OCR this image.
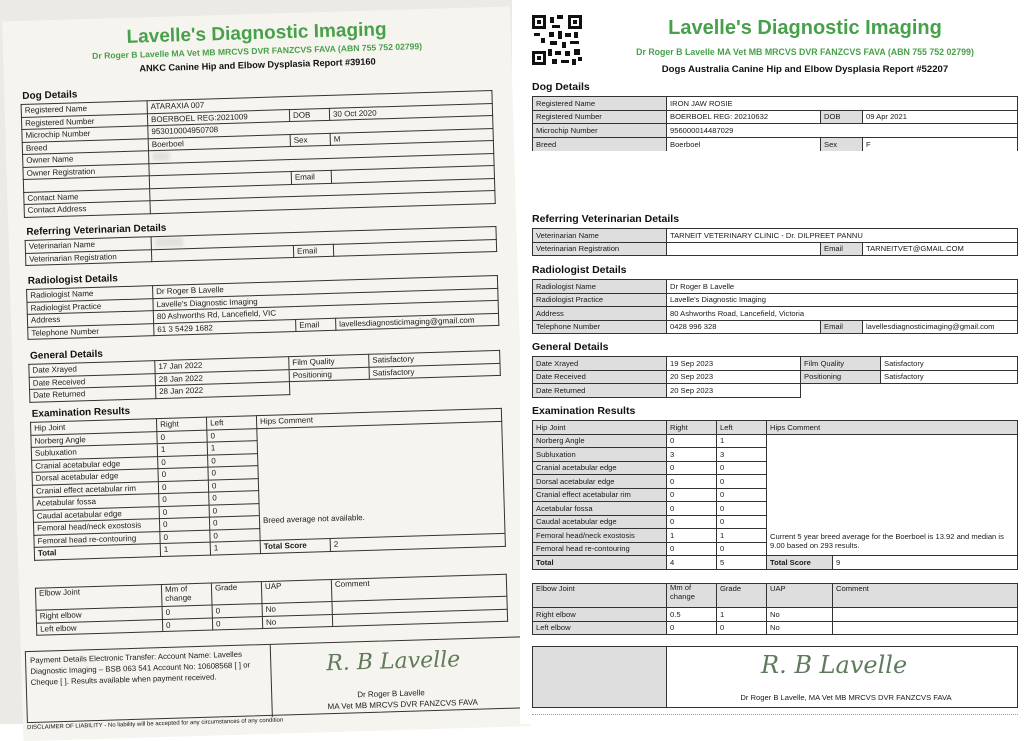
Lavelle's Diagnostic Imaging
Dr Roger B Lavelle MA Vet MB MRCVS DVR FANZCVS FAVA (ABN 755 752 02799)
ANKC Canine Hip and Elbow Dysplasia Report #39160
Dog Details
Registered Name	ATARAXIA 007		
Registered Number	BOERBOEL REG:2021009	DOB	30 Oct 2020
Microchip Number	953010004950708		
Breed	Boerboel	Sex	M
Owner Name	░░░		
Owner Registration			
		Email	
Contact Name			
Contact Address			
Referring Veterinarian Details
Veterinarian Name	░░░░░		
Veterinarian Registration		Email	
Radiologist Details
Radiologist Name	Dr Roger B Lavelle		
Radiologist Practice	Lavelle's Diagnostic Imaging		
Address	80 Ashworths Rd, Lancefield, VIC		
Telephone Number	61 3 5429 1682	Email	lavellesdiagnosticimaging@gmail.com
General Details
Date Xrayed	17 Jan 2022	Film Quality	Satisfactory
Date Received	28 Jan 2022	Positioning	Satisfactory
Date Returned	28 Jan 2022		
Examination Results
Hip Joint	Right	Left	Hips Comment	
Norberg Angle	0	0		
Subluxation	1	1		
Cranial acetabular edge	0	0		
Dorsal acetabular edge	0	0		
Cranial effect acetabular rim	0	0		
Acetabular fossa	0	0		
Caudal acetabular edge	0	0		
Femoral head/neck exostosis	0	0	Breed average not available.	
Femoral head re-contouring	0	0		
Total	1	1	Total Score	2
Elbow Joint	Mm of change	Grade	UAP	Comment
Right elbow	0	0	No	
Left elbow	0	0	No	
Payment Details Electronic Transfer: Account Name: Lavelles Diagnostic Imaging – BSB 063 541 Account No: 10608568 [ ] or Cheque [ ]. Results available when payment received.
R. B Lavelle
Dr Roger B Lavelle
MA Vet MB MRCVS DVR FANZCVS FAVA
DISCLAIMER OF LIABILITY - No liability will be accepted for any circumstances of any condition
Lavelle's Diagnostic Imaging
Dr Roger B Lavelle MA Vet MB MRCVS DVR FANZCVS FAVA (ABN 755 752 02799)
Dogs Australia Canine Hip and Elbow Dysplasia Report #52207
Dog Details
Registered Name	IRON JAW ROSIE		
Registered Number	BOERBOEL REG: 20210632	DOB	09 Apr 2021
Microchip Number	956000014487029		
Breed	Boerboel	Sex	F
Referring Veterinarian Details
Veterinarian Name	TARNEIT VETERINARY CLINIC - Dr. DILPREET PANNU		
Veterinarian Registration		Email	TARNEITVET@GMAIL.COM
Radiologist Details
Radiologist Name	Dr Roger B Lavelle		
Radiologist Practice	Lavelle's Diagnostic Imaging		
Address	80 Ashworths Road, Lancefield, Victoria		
Telephone Number	0428 996 328	Email	lavellesdiagnosticimaging@gmail.com
General Details
Date Xrayed	19 Sep 2023	Film Quality	Satisfactory
Date Received	20 Sep 2023	Positioning	Satisfactory
Date Returned	20 Sep 2023		
Examination Results
Hip Joint	Right	Left	Hips Comment	
Norberg Angle	0	1		
Subluxation	3	3		
Cranial acetabular edge	0	0		
Dorsal acetabular edge	0	0		
Cranial effect acetabular rim	0	0		
Acetabular fossa	0	0		
Caudal acetabular edge	0	0		
Femoral head/neck exostosis	1	1	Current 5 year breed average for the Boerboel is 13.92 and median is 9.00 based on 293 results.	
Femoral head re-contouring	0	0		
Total	4	5	Total Score	9
Elbow Joint	Mm of change	Grade	UAP	Comment
Right elbow	0.5	1	No	
Left elbow	0	0	No	
R. B Lavelle
Dr Roger B Lavelle, MA Vet MB MRCVS DVR FANZCVS FAVA
